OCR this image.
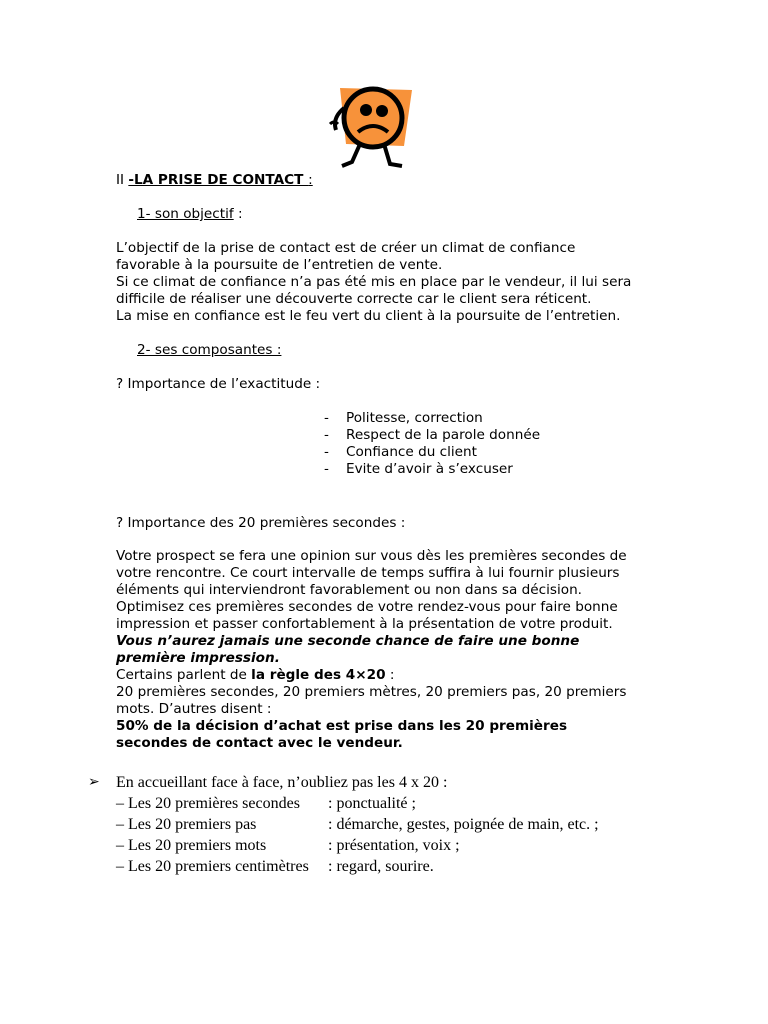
II -LA PRISE DE CONTACT :
1- son objectif :
L’objectif de la prise de contact est de créer un climat de confiance
favorable à la poursuite de l’entretien de vente.
Si ce climat de confiance n’a pas été mis en place par le vendeur, il lui sera
difficile de réaliser une découverte correcte car le client sera réticent.
La mise en confiance est le feu vert du client à la poursuite de l’entretien.
2- ses composantes :
? Importance de l’exactitude :
-	Politesse, correction
-	Respect de la parole donnée
-	Confiance du client
-	Evite d’avoir à s’excuser
? Importance des 20 premières secondes :
Votre prospect se fera une opinion sur vous dès les premières secondes de
votre rencontre. Ce court intervalle de temps suffira à lui fournir plusieurs
éléments qui interviendront favorablement ou non dans sa décision.
Optimisez ces premières secondes de votre rendez-vous pour faire bonne
impression et passer confortablement à la présentation de votre produit.
Vous n’aurez jamais une seconde chance de faire une bonne
première impression.
Certains parlent de la règle des 4×20 :
20 premières secondes, 20 premiers mètres, 20 premiers pas, 20 premiers
mots. D’autres disent :
50% de la décision d’achat est prise dans les 20 premières
secondes de contact avec le vendeur.
➢	En accueillant face à face, n’oubliez pas les 4 x 20 :
– Les 20 premières secondes	: ponctualité ;
– Les 20 premiers pas	: démarche, gestes, poignée de main, etc. ;
– Les 20 premiers mots	: présentation, voix ;
– Les 20 premiers centimètres	: regard, sourire.
